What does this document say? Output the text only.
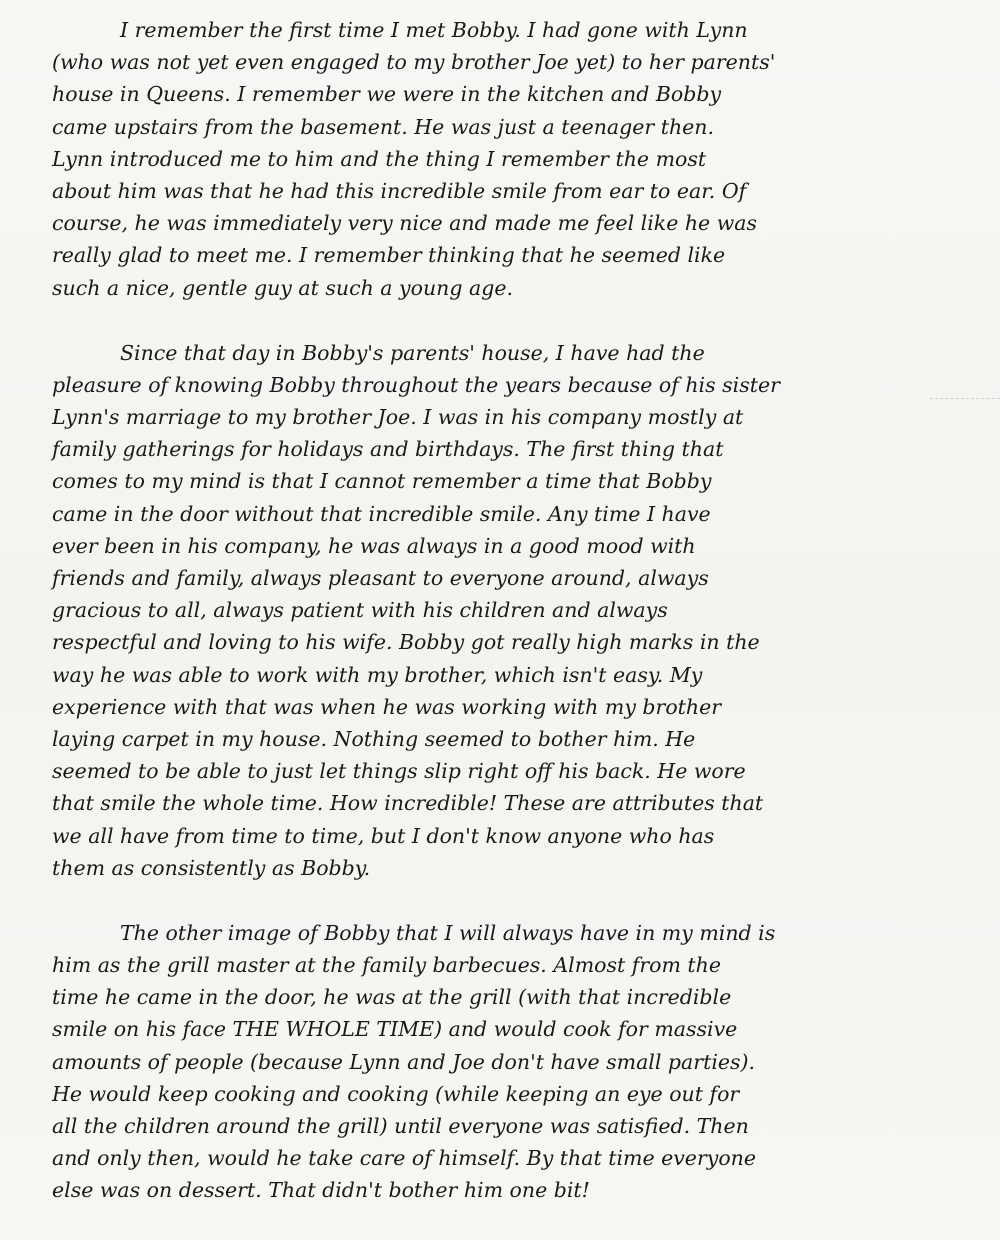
I remember the first time I met Bobby. I had gone with Lynn
(who was not yet even engaged to my brother Joe yet) to her parents'
house in Queens. I remember we were in the kitchen and Bobby
came upstairs from the basement. He was just a teenager then.
Lynn introduced me to him and the thing I remember the most
about him was that he had this incredible smile from ear to ear. Of
course, he was immediately very nice and made me feel like he was
really glad to meet me. I remember thinking that he seemed like
such a nice, gentle guy at such a young age.
Since that day in Bobby's parents' house, I have had the
pleasure of knowing Bobby throughout the years because of his sister
Lynn's marriage to my brother Joe. I was in his company mostly at
family gatherings for holidays and birthdays. The first thing that
comes to my mind is that I cannot remember a time that Bobby
came in the door without that incredible smile. Any time I have
ever been in his company, he was always in a good mood with
friends and family, always pleasant to everyone around, always
gracious to all, always patient with his children and always
respectful and loving to his wife. Bobby got really high marks in the
way he was able to work with my brother, which isn't easy. My
experience with that was when he was working with my brother
laying carpet in my house. Nothing seemed to bother him. He
seemed to be able to just let things slip right off his back. He wore
that smile the whole time. How incredible! These are attributes that
we all have from time to time, but I don't know anyone who has
them as consistently as Bobby.
The other image of Bobby that I will always have in my mind is
him as the grill master at the family barbecues. Almost from the
time he came in the door, he was at the grill (with that incredible
smile on his face THE WHOLE TIME) and would cook for massive
amounts of people (because Lynn and Joe don't have small parties).
He would keep cooking and cooking (while keeping an eye out for
all the children around the grill) until everyone was satisfied. Then
and only then, would he take care of himself. By that time everyone
else was on dessert. That didn't bother him one bit!
